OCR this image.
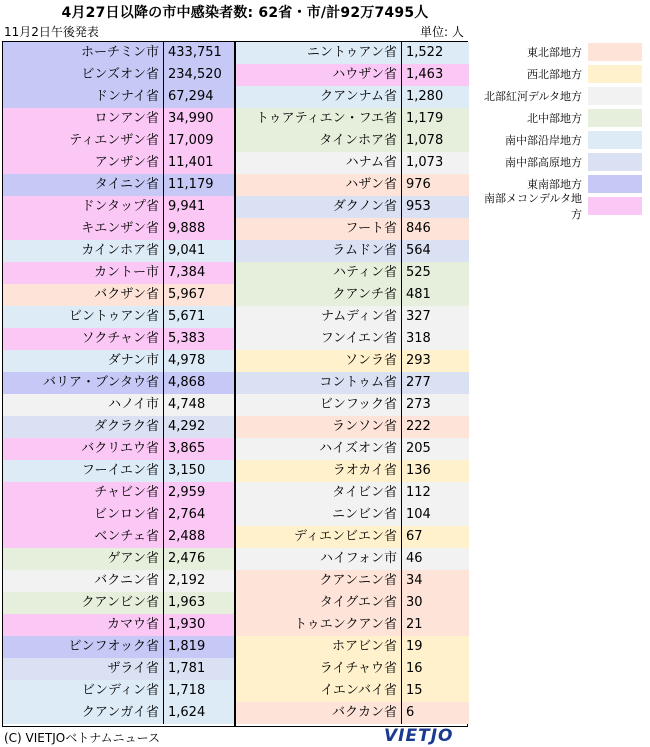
4月27日以降の市中感染者数: 62省・市/計92万7495人
11月2日午後発表	単位: 人
ホーチミン市 433,751
ビンズオン省 234,520
ドンナイ省 67,294
ロンアン省 34,990
ティエンザン省 17,009
アンザン省 11,401
タイニン省 11,179
ドンタップ省 9,941
キエンザン省 9,888
カインホア省 9,041
カントー市 7,384
バクザン省 5,967
ビントゥアン省 5,671
ソクチャン省 5,383
ダナン市 4,978
バリア・ブンタウ省 4,868
ハノイ市 4,748
ダクラク省 4,292
バクリエウ省 3,865
フーイエン省 3,150
チャビン省 2,959
ビンロン省 2,764
ベンチェ省 2,488
ゲアン省 2,476
バクニン省 2,192
クアンビン省 1,963
カマウ省 1,930
ビンフオック省 1,819
ザライ省 1,781
ビンディン省 1,718
クアンガイ省 1,624
ニントゥアン省 1,522
ハウザン省 1,463
クアンナム省 1,280
トゥアティエン・フエ省 1,179
タインホア省 1,078
ハナム省 1,073
ハザン省 976
ダクノン省 953
フート省 846
ラムドン省 564
ハティン省 525
クアンチ省 481
ナムディン省 327
フンイエン省 318
ソンラ省 293
コントゥム省 277
ビンフック省 273
ランソン省 222
ハイズオン省 205
ラオカイ省 136
タイビン省 112
ニンビン省 104
ディエンビエン省 67
ハイフォン市 46
クアンニン省 34
タイグエン省 30
トゥエンクアン省 21
ホアビン省 19
ライチャウ省 16
イエンバイ省 15
バクカン省 6
東北部地方
西北部地方
北部紅河デルタ地方
北中部地方
南中部沿岸地方
南中部高原地方
東南部地方
南部メコンデルタ地方
(C) VIETJOベトナムニュース	VIETJO
